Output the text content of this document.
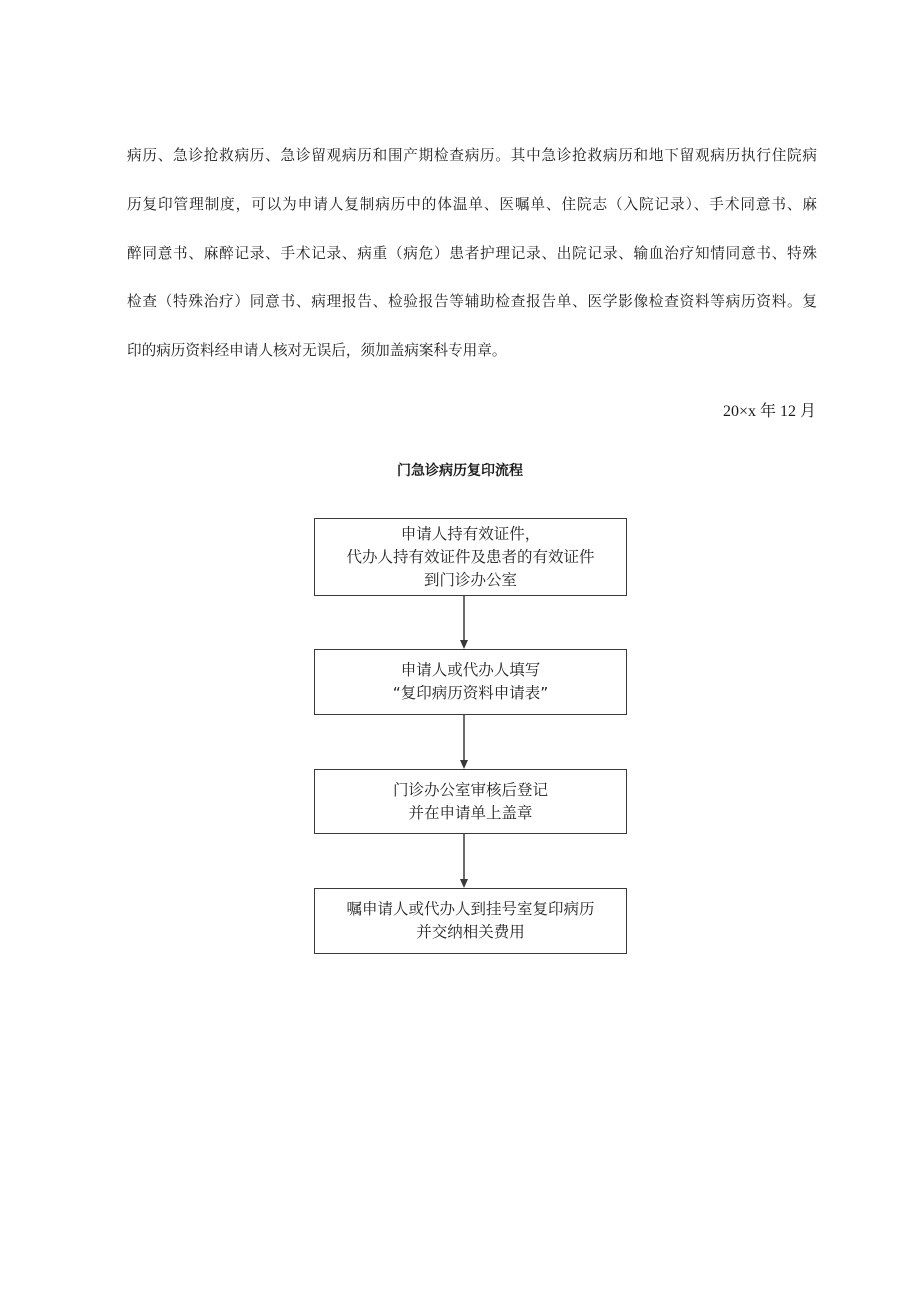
病历、急诊抢救病历、急诊留观病历和围产期检查病历。其中急诊抢救病历和地下留观病历执行住院病
历复印管理制度，可以为申请人复制病历中的体温单、医嘱单、住院志（入院记录）、手术同意书、麻
醉同意书、麻醉记录、手术记录、病重（病危）患者护理记录、出院记录、输血治疗知情同意书、特殊
检查（特殊治疗）同意书、病理报告、检验报告等辅助检查报告单、医学影像检查资料等病历资料。复
印的病历资料经申请人核对无误后，须加盖病案科专用章。
20×x 年 12 月
门急诊病历复印流程
申请人持有效证件，
代办人持有效证件及患者的有效证件
到门诊办公室
申请人或代办人填写
“复印病历资料申请表”
门诊办公室审核后登记
并在申请单上盖章
嘱申请人或代办人到挂号室复印病历
并交纳相关费用
